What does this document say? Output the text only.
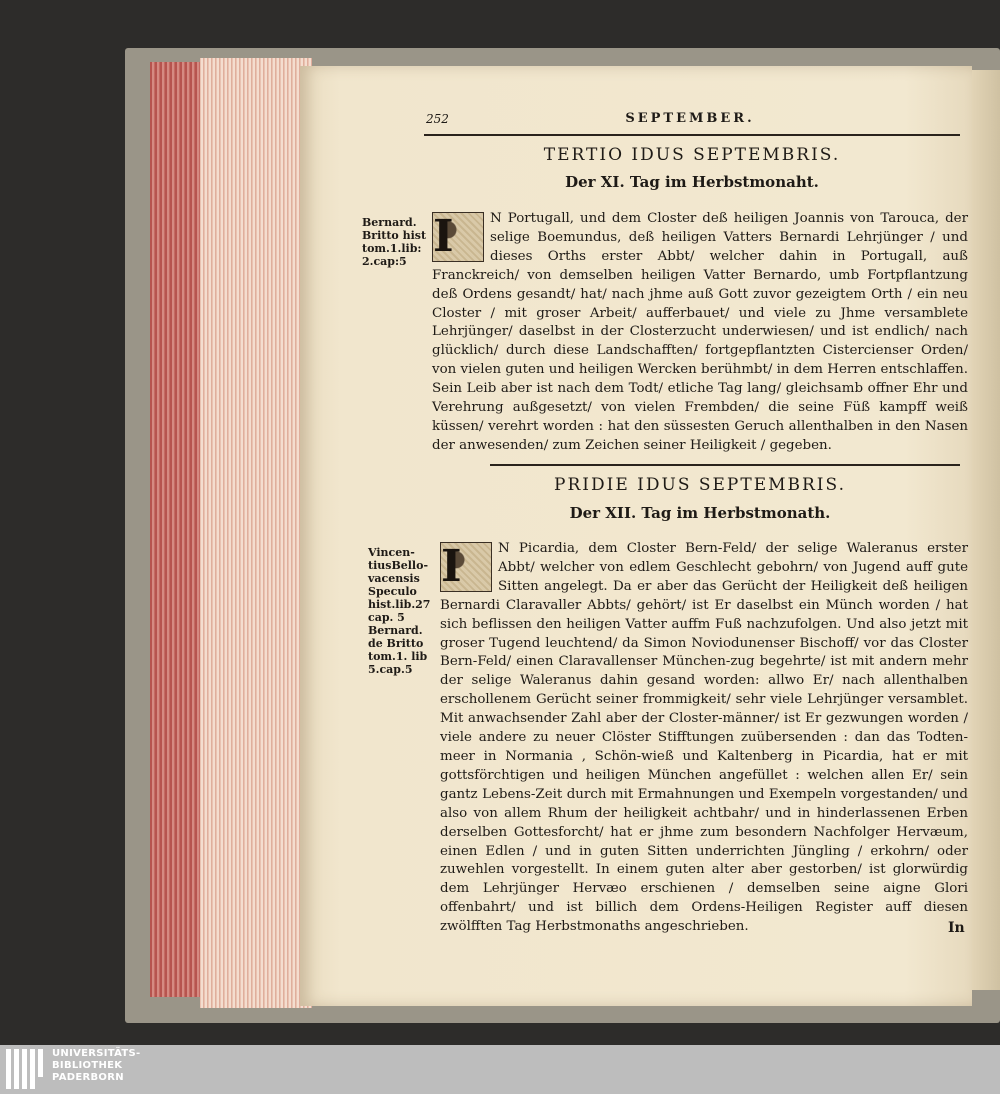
252	SEPTEMBER.
TERTIO IDUS SEPTEMBRIS.
Der XI. Tag im Herbstmonaht.
Bernard.
Britto hist
tom.1.lib:
2.cap:5 I	N Portugall, und dem Closter deß heiligen Joannis von Tarouca, der selige Boemundus, deß heiligen Vatters Bernardi Lehrjünger / und dieses Orths erster Abbt/ welcher dahin in Portugall, auß Franckreich/ von demselben heiligen Vatter Bernardo, umb Fortpflantzung deß Ordens gesandt/ hat/ nach jhme auß Gott zuvor gezeigtem Orth / ein neu Closter / mit groser Arbeit/ aufferbauet/ und viele zu Jhme versamblete Lehrjünger/ daselbst in der Closterzucht underwiesen/ und ist endlich/ nach glücklich/ durch diese Landschafften/ fortgepflantzten Cistercienser Orden/ von vielen guten und heiligen Wercken berühmbt/ in dem Herren entschlaffen. Sein Leib aber ist nach dem Todt/ etliche Tag lang/ gleichsamb offner Ehr und Verehrung außgesetzt/ von vielen Frembden/ die seine Füß kampff weiß küssen/ verehrt worden : hat den süssesten Geruch allenthalben in den Nasen der anwesenden/ zum Zeichen seiner Heiligkeit / gegeben.
PRIDIE IDUS SEPTEMBRIS.
Der XII. Tag im Herbstmonath.
Vincen-
tiusBello-
vacensis
Speculo
hist.lib.27
cap. 5
Bernard.
de Britto
tom.1. lib
5.cap.5
I	N Picardia, dem Closter Bern-Feld/ der selige Waleranus erster Abbt/ welcher von edlem Geschlecht gebohrn/ von Jugend auff gute Sitten angelegt. Da er aber das Gerücht der Heiligkeit deß heiligen Bernardi Claravaller Abbts/ gehört/ ist Er daselbst ein Münch worden / hat sich beflissen den heiligen Vatter auffm Fuß nachzufolgen. Und also jetzt mit groser Tugend leuchtend/ da Simon Noviodunenser Bischoff/ vor das Closter Bern-Feld/ einen Claravallenser München-zug begehrte/ ist mit andern mehr der selige Waleranus dahin gesand worden: allwo Er/ nach allenthalben erschollenem Gerücht seiner frommigkeit/ sehr viele Lehrjünger versamblet. Mit anwachsender Zahl aber der Closter-männer/ ist Er gezwungen worden / viele andere zu neuer Clöster Stifftungen zuübersenden : dan das Todten-meer in Normania , Schön-wieß und Kaltenberg in Picardia, hat er mit gottsförchtigen und heiligen München angefüllet : welchen allen Er/ sein gantz Lebens-Zeit durch mit Ermahnungen und Exempeln vorgestanden/ und also von allem Rhum der heiligkeit achtbahr/ und in hinderlassenen Erben derselben Gottesforcht/ hat er jhme zum besondern Nachfolger Hervæum, einen Edlen / und in guten Sitten underrichten Jüngling / erkohrn/ oder zuwehlen vorgestellt. In einem guten alter aber gestorben/ ist glorwürdig dem Lehrjünger Hervæo erschienen / demselben seine aigne Glori offenbahrt/ und ist billich dem Ordens-Heiligen Register auff diesen zwölfften Tag Herbstmonaths angeschrieben.	In
UNIVERSITÄTS-
BIBLIOTHEK
PADERBORN
